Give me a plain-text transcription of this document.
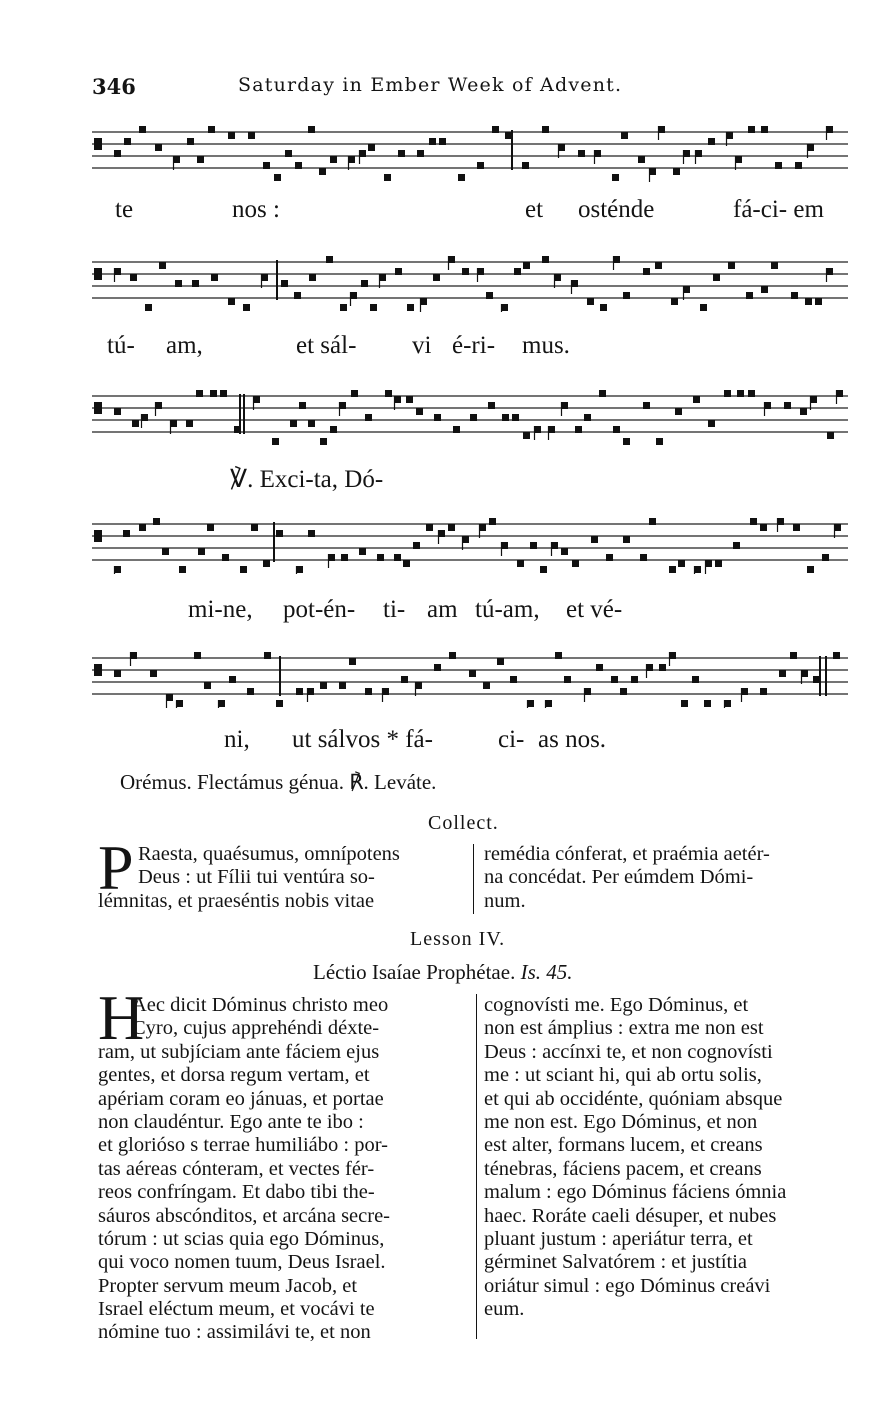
346	Saturday in Ember Week of Advent.
te	nos :	et osténde	fá-ci- em
tú- am,	et sál- vi é-ri- mus.
℣. Exci-ta, Dó-
mi-ne, pot-én- ti- am tú-am, et vé-
ni, ut sálvos * fá-	ci- as nos.
Orémus. Flectámus génua. ℟. Leváte.
Collect.
P Raesta, quaésumus, omnípotens
Deus : ut Fílii tui ventúra so-
lémnitas, et praeséntis nobis vitae
remédia cónferat, et praémia aetér-
na concédat. Per eúmdem Dómi-
num.
Lesson IV.
Léctio Isaíae Prophétae. Is. 45.
H
Aec dicit Dóminus christo meo
Cyro, cujus apprehéndi déxte-
ram, ut subjíciam ante fáciem ejus
gentes, et dorsa regum vertam, et
apériam coram eo jánuas, et portae
non claudéntur. Ego ante te ibo :
et glorióso s terrae humiliábo : por-
tas aéreas cónteram, et vectes fér-
reos confríngam. Et dabo tibi the-
sáuros abscónditos, et arcána secre-
tórum : ut scias quia ego Dóminus,
qui voco nomen tuum, Deus Israel.
Propter servum meum Jacob, et
Israel eléctum meum, et vocávi te
nómine tuo : assimilávi te, et non
cognovísti me. Ego Dóminus, et
non est ámplius : extra me non est
Deus : accínxi te, et non cognovísti
me : ut sciant hi, qui ab ortu solis,
et qui ab occidénte, quóniam absque
me non est. Ego Dóminus, et non
est alter, formans lucem, et creans
ténebras, fáciens pacem, et creans
malum : ego Dóminus fáciens ómnia
haec. Roráte caeli désuper, et nubes
pluant justum : aperiátur terra, et
gérminet Salvatórem : et justítia
oriátur simul : ego Dóminus creávi
eum.
